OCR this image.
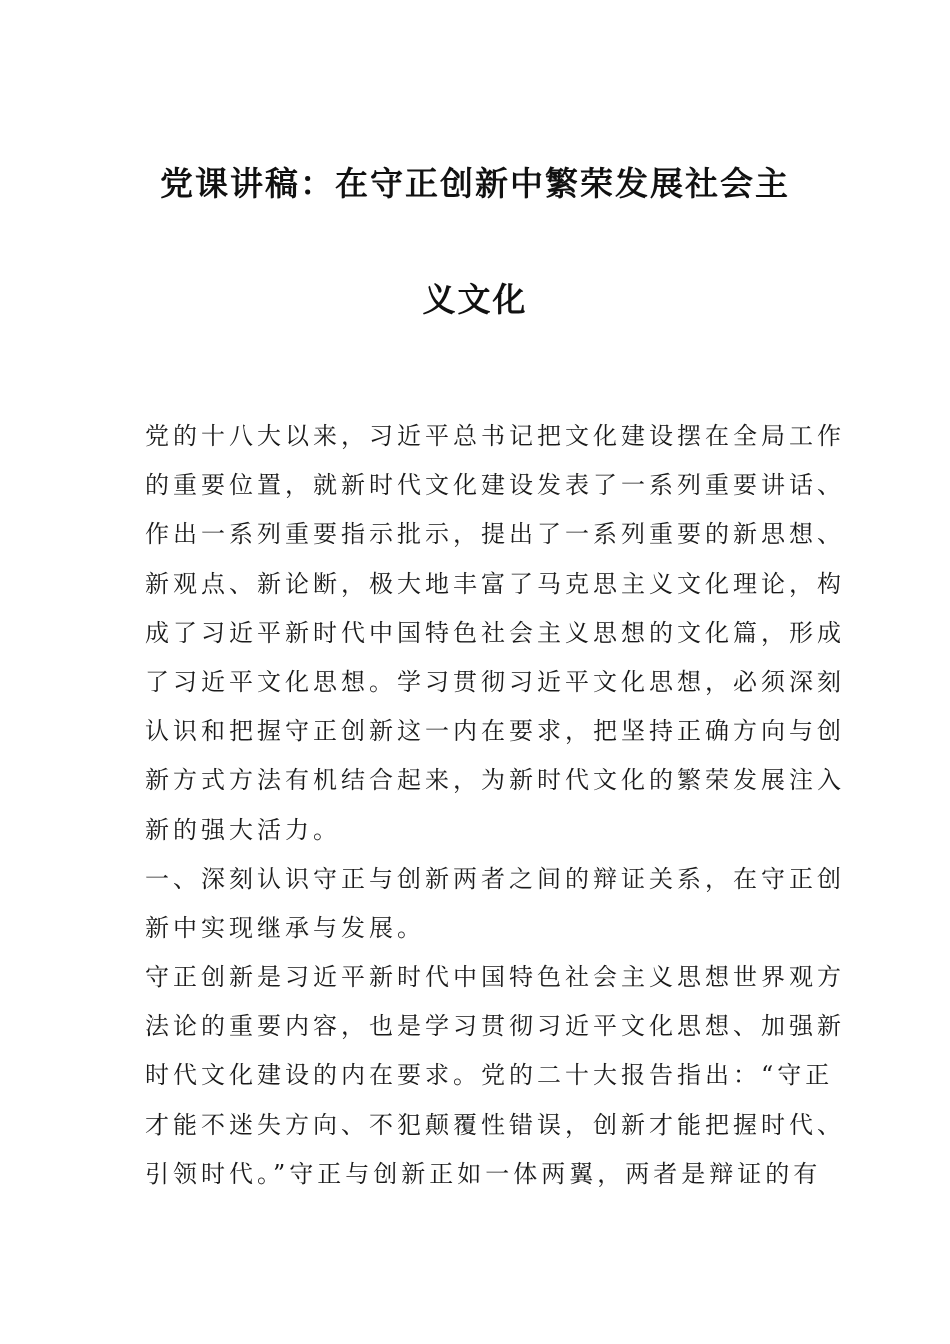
党课讲稿：在守正创新中繁荣发展社会主
义文化
党的十八大以来，习近平总书记把文化建设摆在全局工作
的重要位置，就新时代文化建设发表了一系列重要讲话、
作出一系列重要指示批示，提出了一系列重要的新思想、
新观点、新论断，极大地丰富了马克思主义文化理论，构
成了习近平新时代中国特色社会主义思想的文化篇，形成
了习近平文化思想。学习贯彻习近平文化思想，必须深刻
认识和把握守正创新这一内在要求，把坚持正确方向与创
新方式方法有机结合起来，为新时代文化的繁荣发展注入
新的强大活力。
一、深刻认识守正与创新两者之间的辩证关系，在守正创
新中实现继承与发展。
守正创新是习近平新时代中国特色社会主义思想世界观方
法论的重要内容，也是学习贯彻习近平文化思想、加强新
时代文化建设的内在要求。党的二十大报告指出：“守正
才能不迷失方向、不犯颠覆性错误，创新才能把握时代、
引领时代。”守正与创新正如一体两翼，两者是辩证的有
